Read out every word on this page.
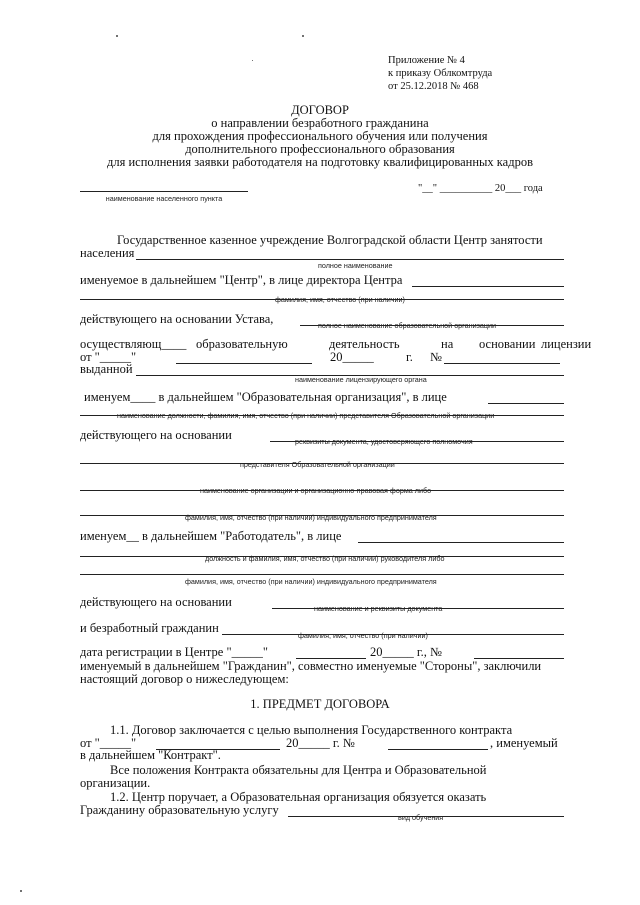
Приложение № 4
к приказу Облкомтруда
от 25.12.2018 № 468
ДОГОВОР
о направлении безработного гражданина
для прохождения профессионального обучения или получения
дополнительного профессионального образования
для исполнения заявки работодателя на подготовку квалифицированных кадров
наименование населенного пункта
"__" __________ 20___ года
Государственное казенное учреждение Волгоградской области Центр занятости
населения
полное наименование
именуемое в дальнейшем "Центр", в лице директора Центра
фамилия, имя, отчество (при наличии)
действующего на основании Устава,	полное наименование образовательной организации
осуществляющ____ образовательную	деятельность	на основании лицензии
от "_____"	20_____	г. №
выданной
наименование лицензирующего органа
именуем____ в дальнейшем "Образовательная организация", в лице
наименование должности, фамилия, имя, отчество (при наличии) представителя Образовательной организации
действующего на основании	реквизиты документа, удостоверяющего полномочия
представителя Образовательной организации
наименование организации и организационно-правовая форма либо
фамилия, имя, отчество (при наличии) индивидуального предпринимателя
именуем__ в дальнейшем "Работодатель", в лице
должность и фамилия, имя, отчество (при наличии) руководителя либо
фамилия, имя, отчество (при наличии) индивидуального предпринимателя
действующего на основании	наименование и реквизиты документа
и безработный гражданин
фамилия, имя, отчество (при наличии)
дата регистрации в Центре "_____"	20_____ г., №
именуемый в дальнейшем "Гражданин", совместно именуемые "Стороны", заключили
настоящий договор о нижеследующем:
1. ПРЕДМЕТ ДОГОВОРА
1.1. Договор заключается с целью выполнения Государственного контракта
от "_____"	20_____ г. №	, именуемый
в дальнейшем "Контракт".
Все положения Контракта обязательны для Центра и Образовательной
организации.
1.2. Центр поручает, а Образовательная организация обязуется оказать
Гражданину образовательную услугу
вид обучения
